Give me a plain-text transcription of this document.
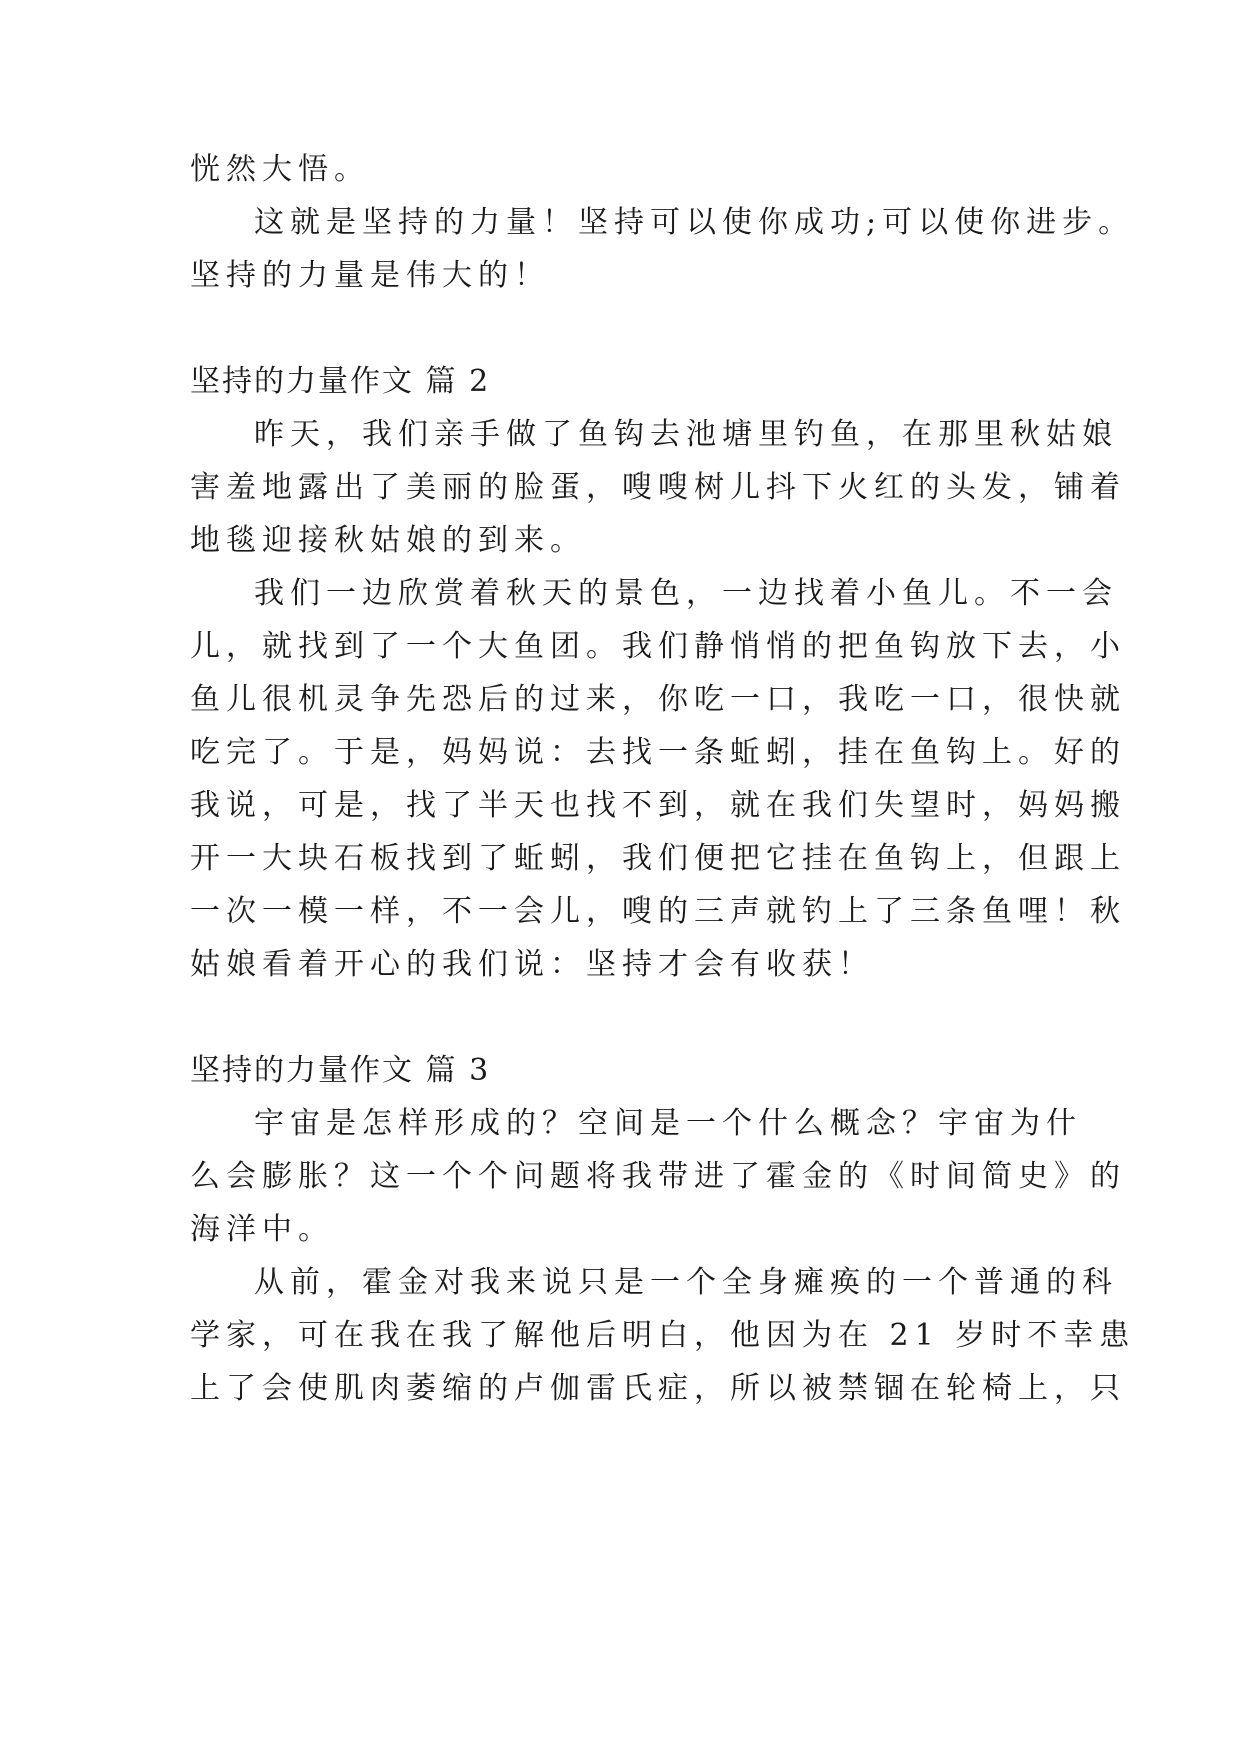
恍然大悟。
这就是坚持的力量！坚持可以使你成功;可以使你进步。
坚持的力量是伟大的！
坚持的力量作文 篇 2
昨天，我们亲手做了鱼钩去池塘里钓鱼，在那里秋姑娘
害羞地露出了美丽的脸蛋，嗖嗖树儿抖下火红的头发，铺着
地毯迎接秋姑娘的到来。
我们一边欣赏着秋天的景色，一边找着小鱼儿。不一会
儿，就找到了一个大鱼团。我们静悄悄的把鱼钩放下去，小
鱼儿很机灵争先恐后的过来，你吃一口，我吃一口，很快就
吃完了。于是，妈妈说：去找一条蚯蚓，挂在鱼钩上。好的
我说，可是，找了半天也找不到，就在我们失望时，妈妈搬
开一大块石板找到了蚯蚓，我们便把它挂在鱼钩上，但跟上
一次一模一样，不一会儿，嗖的三声就钓上了三条鱼哩！秋
姑娘看着开心的我们说：坚持才会有收获！
坚持的力量作文 篇 3
宇宙是怎样形成的？空间是一个什么概念？宇宙为什
么会膨胀？这一个个问题将我带进了霍金的《时间简史》的
海洋中。
从前，霍金对我来说只是一个全身瘫痪的一个普通的科
学家，可在我在我了解他后明白，他因为在 21 岁时不幸患
上了会使肌肉萎缩的卢伽雷氏症，所以被禁锢在轮椅上，只
